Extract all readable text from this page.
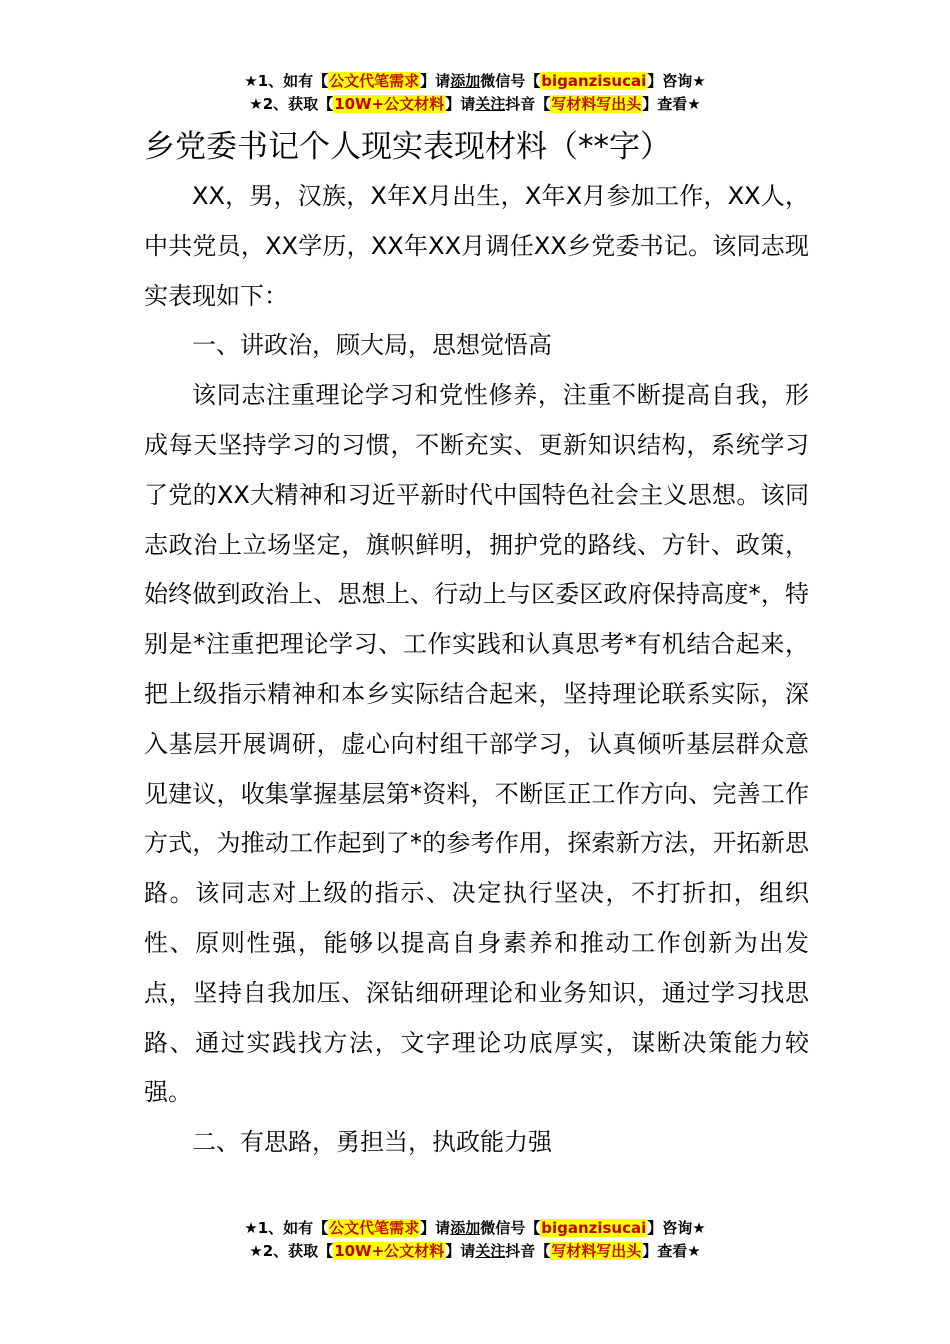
★1、如有【公文代笔需求】请添加微信号【biganzisucai】咨询★
★2、获取【10W+公文材料】请关注抖音【写材料写出头】查看★
乡党委书记个人现实表现材料（**字）

XX，男，汉族，X年X月出生，X年X月参加工作，XX人，中共党员，XX学历，XX年XX月调任XX乡党委书记。该同志现实表现如下：

一、讲政治，顾大局，思想觉悟高

该同志注重理论学习和党性修养，注重不断提高自我，形成每天坚持学习的习惯，不断充实、更新知识结构，系统学习了党的XX大精神和习近平新时代中国特色社会主义思想。该同志政治上立场坚定，旗帜鲜明，拥护党的路线、方针、政策，始终做到政治上、思想上、行动上与区委区政府保持高度*，特别是*注重把理论学习、工作实践和认真思考*有机结合起来，把上级指示精神和本乡实际结合起来，坚持理论联系实际，深入基层开展调研，虚心向村组干部学习，认真倾听基层群众意见建议，收集掌握基层第*资料，不断匡正工作方向、完善工作方式，为推动工作起到了*的参考作用，探索新方法，开拓新思路。该同志对上级的指示、决定执行坚决，不打折扣，组织性、原则性强，能够以提高自身素养和推动工作创新为出发点，坚持自我加压、深钻细研理论和业务知识，通过学习找思路、通过实践找方法，文字理论功底厚实，谋断决策能力较强。

二、有思路，勇担当，执政能力强

★1、如有【公文代笔需求】请添加微信号【biganzisucai】咨询★
★2、获取【10W+公文材料】请关注抖音【写材料写出头】查看★
